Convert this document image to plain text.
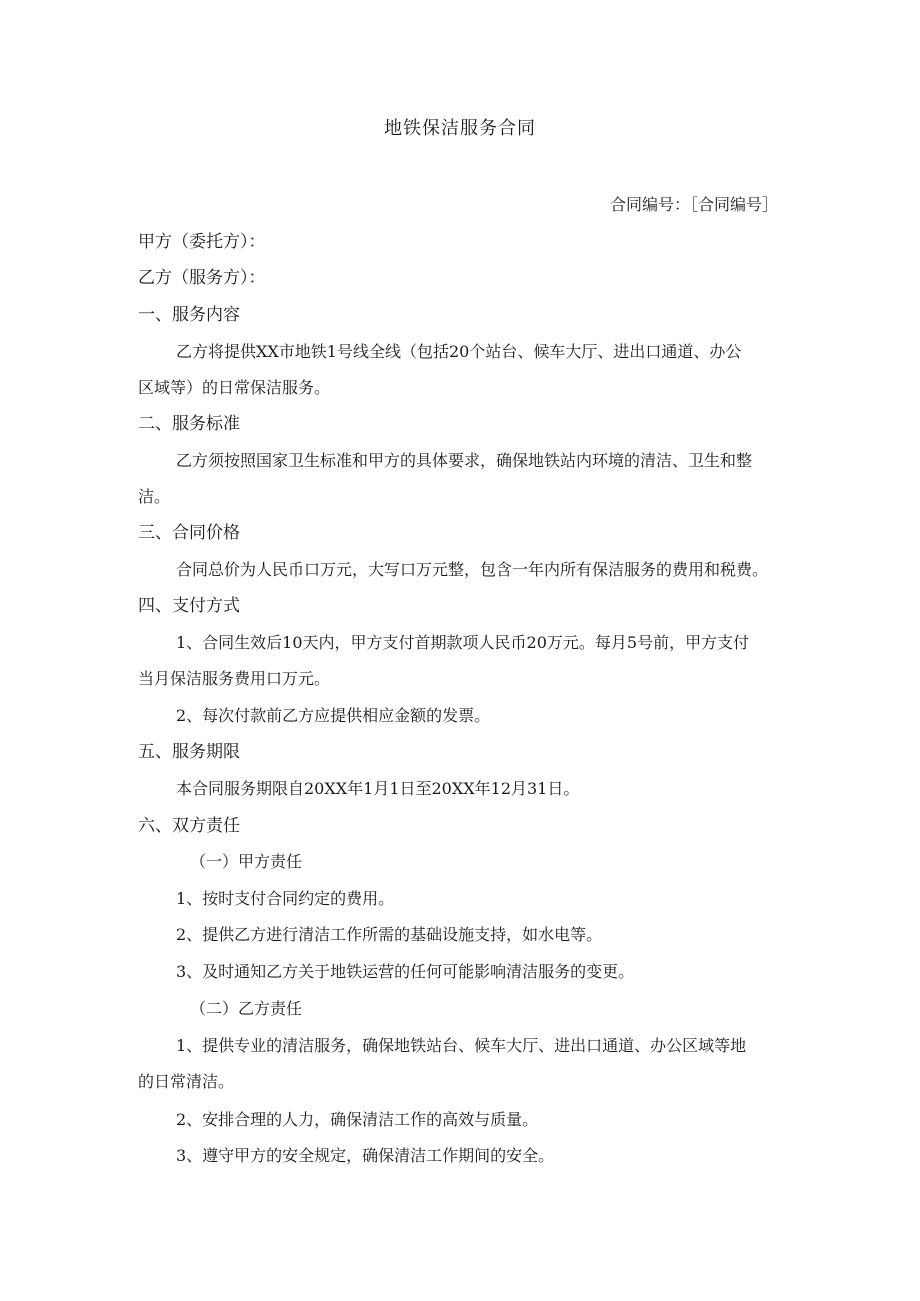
地铁保洁服务合同
合同编号：［合同编号］
甲方（委托方）：
乙方（服务方）：
一、服务内容
乙方将提供XX市地铁1号线全线（包括20个站台、候车大厅、进出口通道、办公
区域等）的日常保洁服务。
二、服务标准
乙方须按照国家卫生标准和甲方的具体要求，确保地铁站内环境的清洁、卫生和整
洁。
三、合同价格
合同总价为人民币口万元，大写口万元整，包含一年内所有保洁服务的费用和税费。
四、支付方式
1、合同生效后10天内，甲方支付首期款项人民币20万元。每月5号前，甲方支付
当月保洁服务费用口万元。
2、每次付款前乙方应提供相应金额的发票。
五、服务期限
本合同服务期限自20XX年1月1日至20XX年12月31日。
六、双方责任
（一）甲方责任
1、按时支付合同约定的费用。
2、提供乙方进行清洁工作所需的基础设施支持，如水电等。
3、及时通知乙方关于地铁运营的任何可能影响清洁服务的变更。
（二）乙方责任
1、提供专业的清洁服务，确保地铁站台、候车大厅、进出口通道、办公区域等地
的日常清洁。
2、安排合理的人力，确保清洁工作的高效与质量。
3、遵守甲方的安全规定，确保清洁工作期间的安全。
